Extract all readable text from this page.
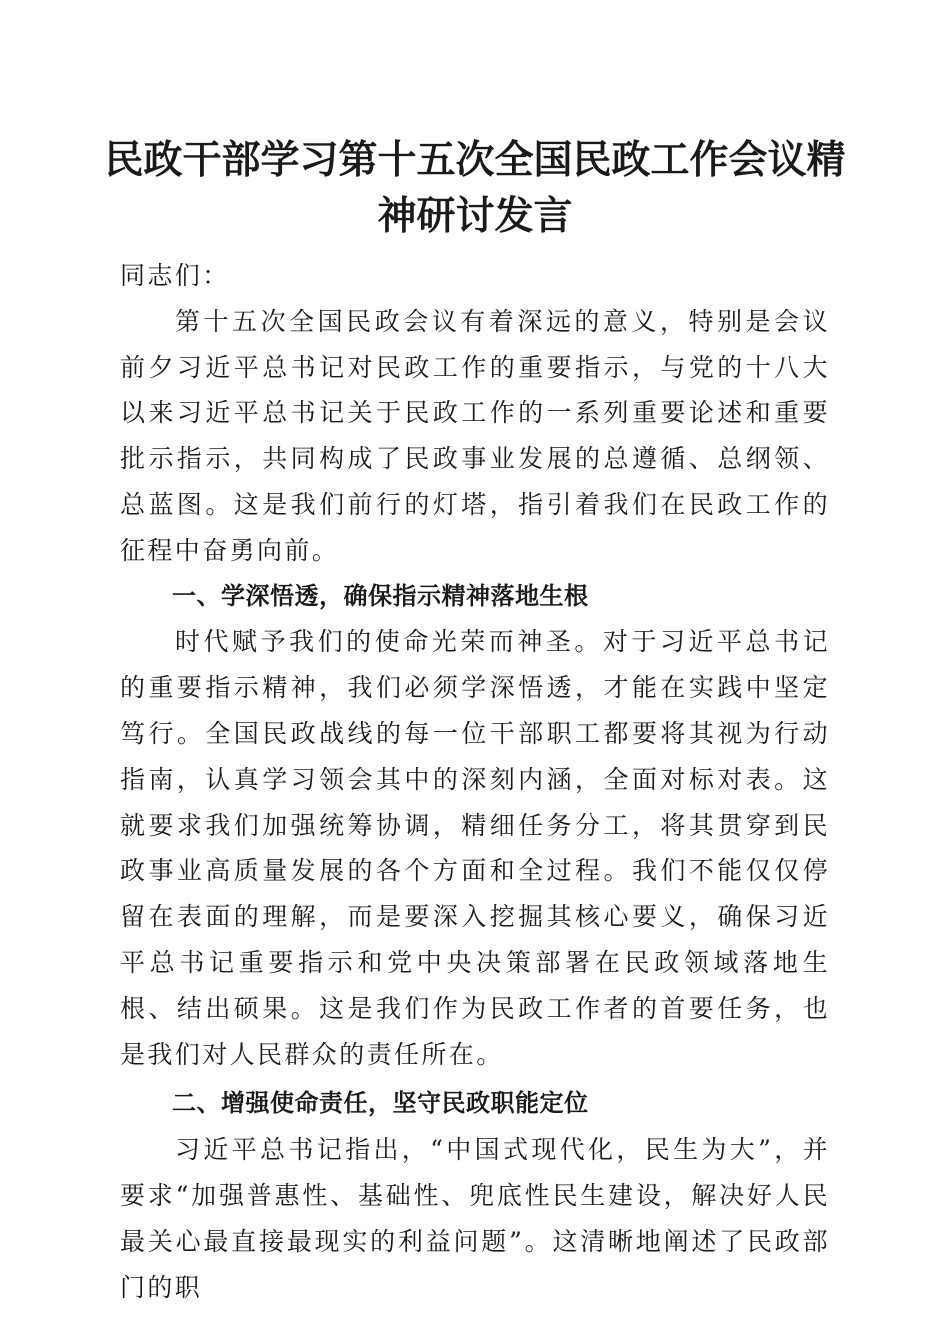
民政干部学习第十五次全国民政工作会议精神研讨发言

同志们：

第十五次全国民政会议有着深远的意义，特别是会议前夕习近平总书记对民政工作的重要指示，与党的十八大以来习近平总书记关于民政工作的一系列重要论述和重要批示指示，共同构成了民政事业发展的总遵循、总纲领、总蓝图。这是我们前行的灯塔，指引着我们在民政工作的征程中奋勇向前。

一、学深悟透，确保指示精神落地生根

时代赋予我们的使命光荣而神圣。对于习近平总书记的重要指示精神，我们必须学深悟透，才能在实践中坚定笃行。全国民政战线的每一位干部职工都要将其视为行动指南，认真学习领会其中的深刻内涵，全面对标对表。这就要求我们加强统筹协调，精细任务分工，将其贯穿到民政事业高质量发展的各个方面和全过程。我们不能仅仅停留在表面的理解，而是要深入挖掘其核心要义，确保习近平总书记重要指示和党中央决策部署在民政领域落地生根、结出硕果。这是我们作为民政工作者的首要任务，也是我们对人民群众的责任所在。

二、增强使命责任，坚守民政职能定位

习近平总书记指出，“中国式现代化，民生为大”，并要求“加强普惠性、基础性、兜底性民生建设，解决好人民最关心最直接最现实的利益问题”。这清晰地阐述了民政部门的职
